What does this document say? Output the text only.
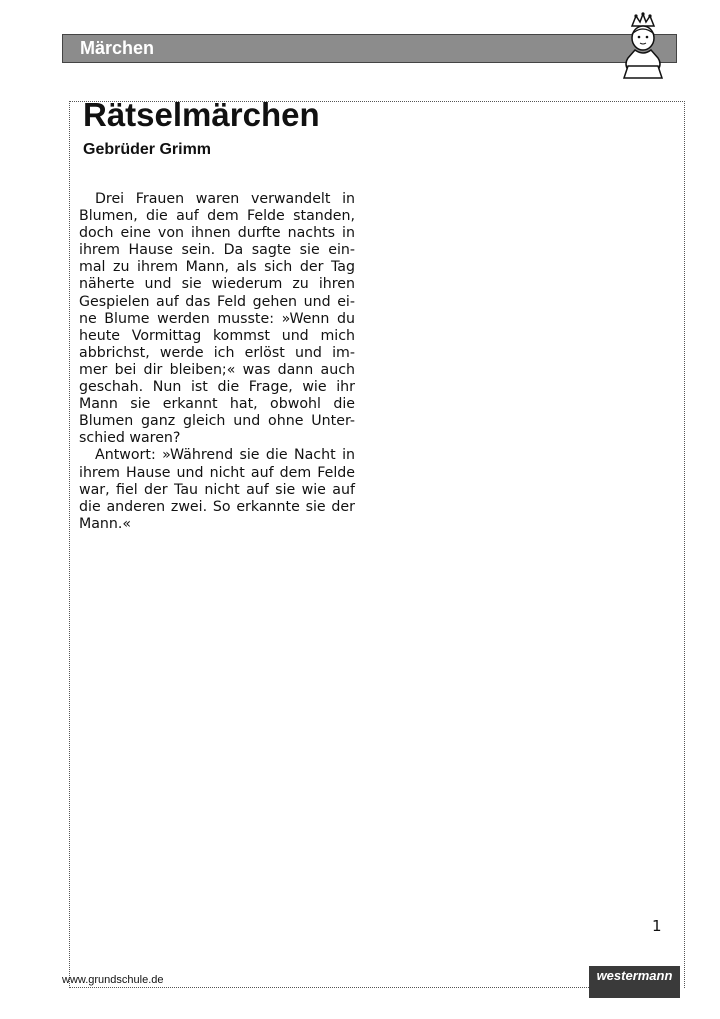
Märchen
Rätselmärchen
Gebrüder Grimm
Drei Frauen waren verwandelt in
Blumen, die auf dem Felde standen,
doch eine von ihnen durfte nachts in
ihrem Hause sein. Da sagte sie ein-
mal zu ihrem Mann, als sich der Tag
näherte und sie wiederum zu ihren
Gespielen auf das Feld gehen und ei-
ne Blume werden musste: »Wenn du
heute Vormittag kommst und mich
abbrichst, werde ich erlöst und im-
mer bei dir bleiben;« was dann auch
geschah. Nun ist die Frage, wie ihr
Mann sie erkannt hat, obwohl die
Blumen ganz gleich und ohne Unter-
schied waren?
Antwort: »Während sie die Nacht in
ihrem Hause und nicht auf dem Felde
war, fiel der Tau nicht auf sie wie auf
die anderen zwei. So erkannte sie der
Mann.«
1
www.grundschule.de	westermann
